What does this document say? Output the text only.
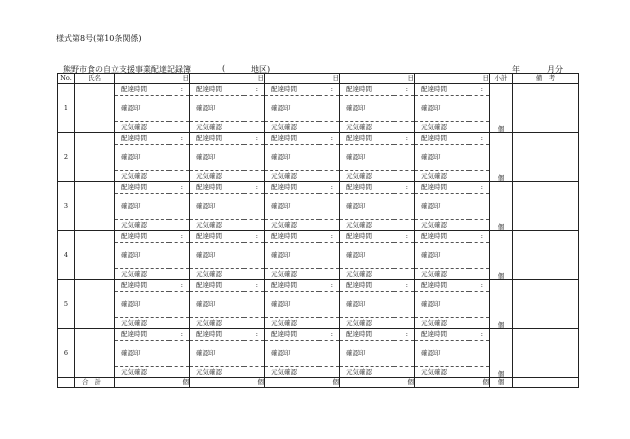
様式第8号(第10条関係)
熊野市食の自立支援事業配達記録簿	(	地区)	年	月分
No.	氏名	日	日	日	日	日	小計	備　考
1		配達時間 :	配達時間 :	配達時間 :	配達時間 :	配達時間 :	個	
		確認印	確認印	確認印	確認印	確認印		
		元気確認	元気確認	元気確認	元気確認	元気確認		
2		配達時間 :	配達時間 :	配達時間 :	配達時間 :	配達時間 :	個	
		確認印	確認印	確認印	確認印	確認印		
		元気確認	元気確認	元気確認	元気確認	元気確認		
3		配達時間 :	配達時間 :	配達時間 :	配達時間 :	配達時間 :	個	
		確認印	確認印	確認印	確認印	確認印		
		元気確認	元気確認	元気確認	元気確認	元気確認		
4		配達時間 :	配達時間 :	配達時間 :	配達時間 :	配達時間 :	個	
		確認印	確認印	確認印	確認印	確認印		
		元気確認	元気確認	元気確認	元気確認	元気確認		
5		配達時間 :	配達時間 :	配達時間 :	配達時間 :	配達時間 :	個	
		確認印	確認印	確認印	確認印	確認印		
		元気確認	元気確認	元気確認	元気確認	元気確認		
6		配達時間 :	配達時間 :	配達時間 :	配達時間 :	配達時間 :	個	
		確認印	確認印	確認印	確認印	確認印		
		元気確認	元気確認	元気確認	元気確認	元気確認		
	合計	個	個	個	個	個	個	
